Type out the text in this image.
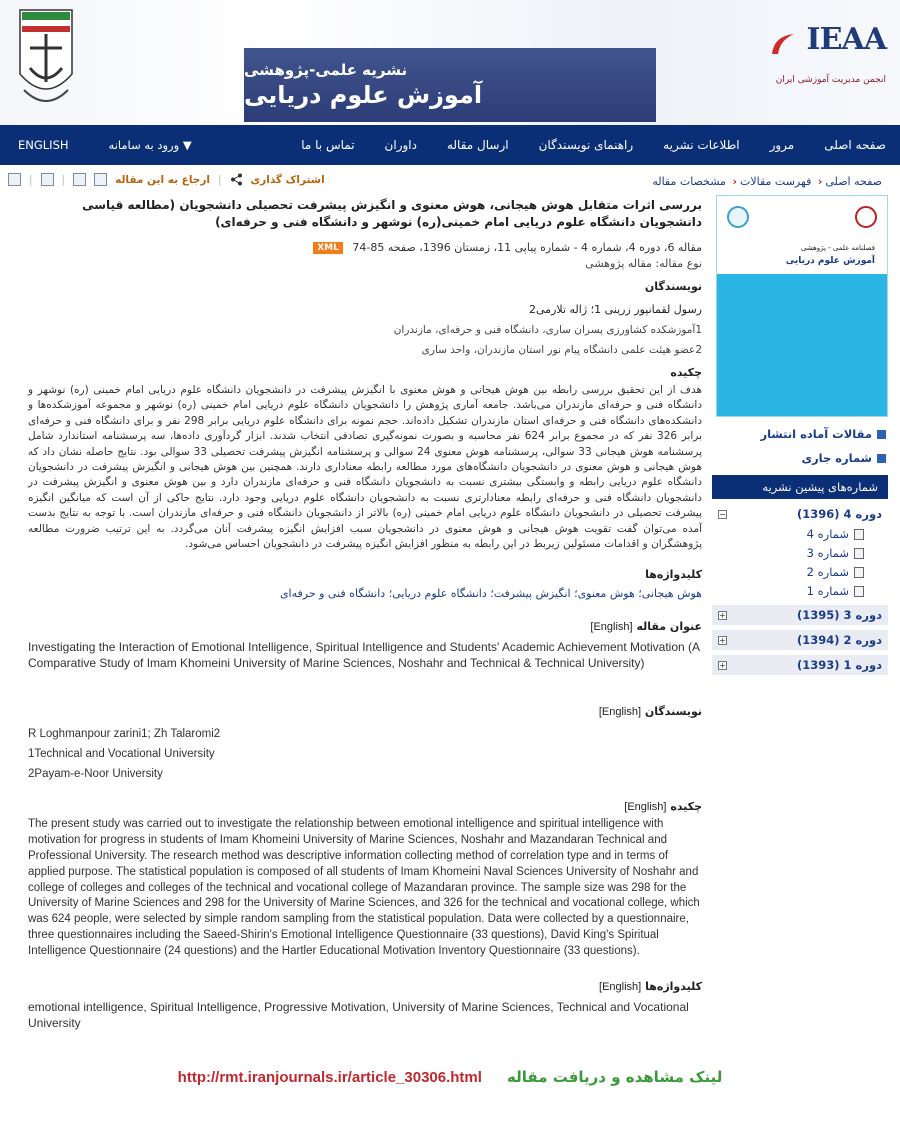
نشریه علمی-پژوهشی
آموزش علوم دریایی
IEAA
انجمن مدیریت آموزشی ایران
صفحه اصلی
مرور
اطلاعات نشریه
راهنمای نویسندگان
ارسال مقاله
داوران
تماس با ما
ENGLISH	ورود به سامانه ▼
صفحه اصلی‹ فهرست مقالات‹ مشخصات مقاله
|	|	ارجاع به این مقاله |	اشتراک گذاری
بررسی اثرات متقابل هوش هیجانی، هوش معنوی و انگیزش پیشرفت تحصیلی دانشجویان (مطالعه قیاسی دانشجویان دانشگاه علوم دریایی امام خمینی(ره) نوشهر و دانشگاه فنی و حرفه‌ای)
مقاله 6، دوره 4، شماره 4 - شماره پیاپی 11، زمستان 1396، صفحه 85-74 XML
نوع مقاله: مقاله پژوهشی
نویسندگان
رسول لقمانپور زرینی 1؛ ژاله تلارمی2
1آموزشکده کشاورزی پسران ساری، دانشگاه فنی و حرفه‌ای، مازندران
2عضو هیئت علمی دانشگاه پیام نور استان مازندران، واحد ساری
چکیده
هدف از این تحقیق بررسی رابطه بین هوش هیجانی و هوش معنوی با انگیزش پیشرفت در دانشجویان دانشگاه علوم دریایی امام خمینی (ره) نوشهر و دانشگاه فنی و حرفه‌ای مازندران می‌باشد. جامعه آماری پژوهش را دانشجویان دانشگاه علوم دریایی امام خمینی (ره) نوشهر و مجموعه آموزشکده‌ها و دانشکده‌های دانشگاه فنی و حرفه‌ای استان مازندران تشکیل داده‌اند. حجم نمونه برای دانشگاه علوم دریایی برابر 298 نفر و برای دانشگاه فنی و حرفه‌ای برابر 326 نفر که در مجموع برابر 624 نفر محاسبه و بصورت نمونه‌گیری تصادفی انتخاب شدند. ابزار گردآوری داده‌ها، سه پرسشنامه استاندارد شامل پرسشنامه هوش هیجانی 33 سوالی، پرسشنامه هوش معنوی 24 سوالی و پرسشنامه انگیزش پیشرفت تحصیلی 33 سوالی بود. نتایج حاصله نشان داد که هوش هیجانی و هوش معنوی در دانشجویان دانشگاه‌های مورد مطالعه رابطه معناداری دارند. همچنین بین هوش هیجانی و انگیزش پیشرفت در دانشجویان دانشگاه علوم دریایی رابطه و وابستگی بیشتری نسبت به دانشجویان دانشگاه فنی و حرفه‌ای مازندران دارد و بین هوش معنوی و انگیزش پیشرفت در دانشجویان دانشگاه فنی و حرفه‌ای رابطه معنادارتری نسبت به دانشجویان دانشگاه علوم دریایی وجود دارد. نتایج حاکی از آن است که میانگین انگیزه پیشرفت تحصیلی در دانشجویان دانشگاه علوم دریایی امام خمینی (ره) بالاتر از دانشجویان دانشگاه فنی و حرفه‌ای مازندران است. با توجه به نتایج بدست آمده می‌توان گفت تقویت هوش هیجانی و هوش معنوی در دانشجویان سبب افزایش انگیزه پیشرفت آنان می‌گردد. به این ترتیب ضرورت مطالعه پژوهشگران و اقدامات مسئولین زیربط در این رابطه به منظور افزایش انگیزه پیشرفت در دانشجویان احساس می‌شود.
کلیدواژه‌ها
هوش هیجانی؛ هوش معنوی؛ انگیزش پیشرفت؛ دانشگاه علوم دریایی؛ دانشگاه فنی و حرفه‌ای
عنوان مقاله [English]
Investigating the Interaction of Emotional Intelligence, Spiritual Intelligence and Students' Academic Achievement Motivation (A Comparative Study of Imam Khomeini University of Marine Sciences, Noshahr and Technical & Technical University)
نویسندگان [English]
R Loghmanpour zarini1; Zh Talaromi2
1Technical and Vocational University
2Payam-e-Noor University
چکیده [English]
The present study was carried out to investigate the relationship between emotional intelligence and spiritual intelligence with motivation for progress in students of Imam Khomeini University of Marine Sciences, Noshahr and Mazandaran Technical and Professional University. The research method was descriptive information collecting method of correlation type and in terms of applied purpose. The statistical population is composed of all students of Imam Khomeini Naval Sciences University of Noshahr and college of colleges and colleges of the technical and vocational college of Mazandaran province. The sample size was 298 for the University of Marine Sciences and 298 for the University of Marine Sciences, and 326 for the technical and vocational college, which was 624 people, were selected by simple random sampling from the statistical population. Data were collected by a questionnaire, three questionnaires including the Saeed-Shirin's Emotional Intelligence Questionnaire (33 questions), David King's Spiritual Intelligence Questionnaire (24 questions) and the Hartler Educational Motivation Inventory Questionnaire (33 questions).
کلیدواژه‌ها [English]
emotional intelligence, Spiritual Intelligence, Progressive Motivation, University of Marine Sciences, Technical and Vocational University
فصلنامه علمی - پژوهشی
آموزش علوم دریایی
مقالات آماده انتشار
شماره جاری
شماره‌های پیشین نشریه
دوره 4 (1396)
−
شماره 4
شماره 3
شماره 2
شماره 1
دوره 3 (1395)
+
دوره 2 (1394)
+
دوره 1 (1393)
+
http://rmt.iranjournals.ir/article_30306.html لینک مشاهده و دریافت مقاله
